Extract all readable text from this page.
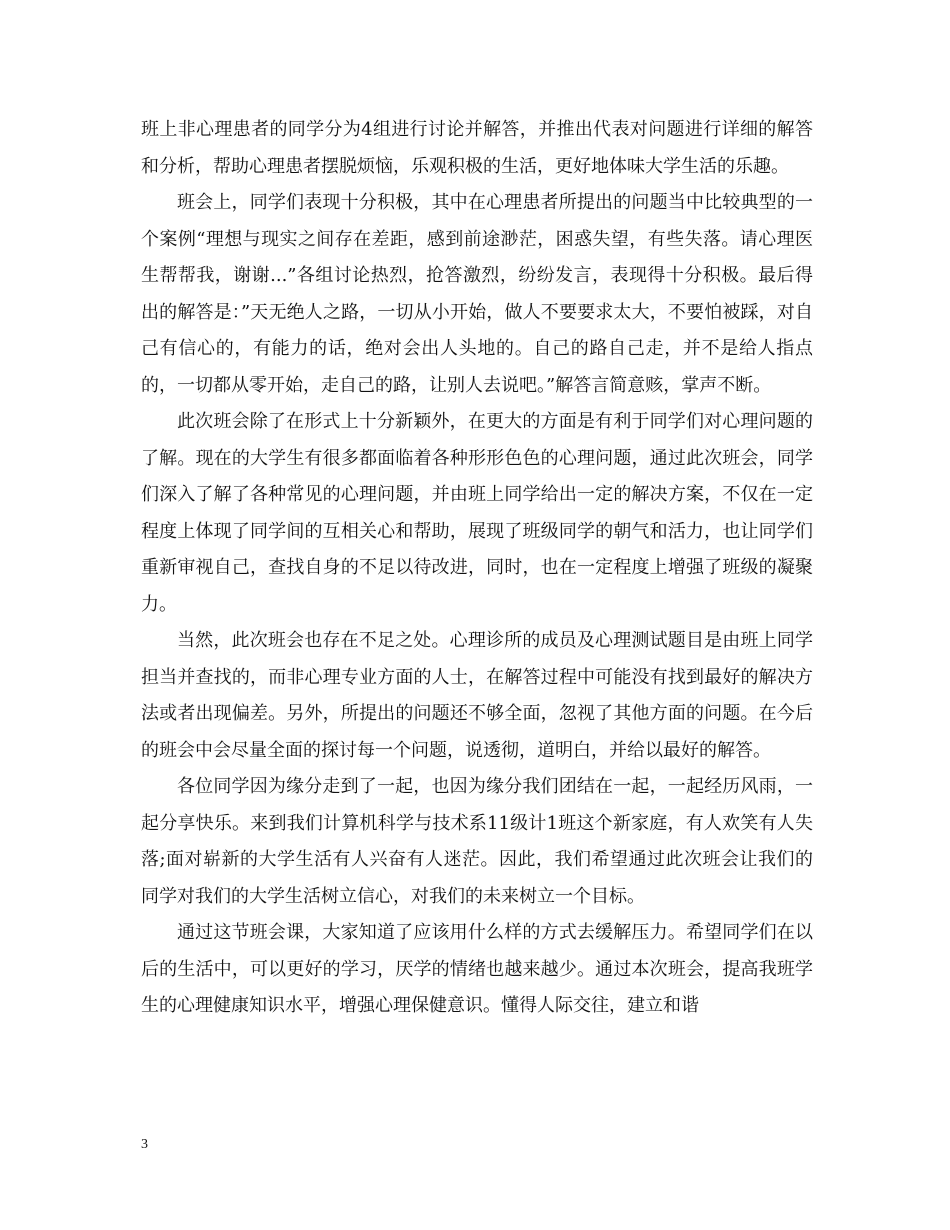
班上非心理患者的同学分为4组进行讨论并解答，并推出代表对问题进行详细的解答和分析，帮助心理患者摆脱烦恼，乐观积极的生活，更好地体味大学生活的乐趣。

班会上，同学们表现十分积极，其中在心理患者所提出的问题当中比较典型的一个案例“理想与现实之间存在差距，感到前途渺茫，困惑失望，有些失落。请心理医生帮帮我，谢谢...”各组讨论热烈，抢答激烈，纷纷发言，表现得十分积极。最后得出的解答是：”天无绝人之路，一切从小开始，做人不要要求太大，不要怕被踩，对自己有信心的，有能力的话，绝对会出人头地的。自己的路自己走，并不是给人指点的，一切都从零开始，走自己的路，让别人去说吧。”解答言简意赅，掌声不断。

此次班会除了在形式上十分新颖外，在更大的方面是有利于同学们对心理问题的了解。现在的大学生有很多都面临着各种形形色色的心理问题，通过此次班会，同学们深入了解了各种常见的心理问题，并由班上同学给出一定的解决方案，不仅在一定程度上体现了同学间的互相关心和帮助，展现了班级同学的朝气和活力，也让同学们重新审视自己，查找自身的不足以待改进，同时，也在一定程度上增强了班级的凝聚力。

当然，此次班会也存在不足之处。心理诊所的成员及心理测试题目是由班上同学担当并查找的，而非心理专业方面的人士，在解答过程中可能没有找到最好的解决方法或者出现偏差。另外，所提出的问题还不够全面，忽视了其他方面的问题。在今后的班会中会尽量全面的探讨每一个问题，说透彻，道明白，并给以最好的解答。

各位同学因为缘分走到了一起，也因为缘分我们团结在一起，一起经历风雨，一起分享快乐。来到我们计算机科学与技术系11级计1班这个新家庭，有人欢笑有人失落;面对崭新的大学生活有人兴奋有人迷茫。因此，我们希望通过此次班会让我们的同学对我们的大学生活树立信心，对我们的未来树立一个目标。

通过这节班会课，大家知道了应该用什么样的方式去缓解压力。希望同学们在以后的生活中，可以更好的学习，厌学的情绪也越来越少。通过本次班会，提高我班学生的心理健康知识水平，增强心理保健意识。懂得人际交往，建立和谐

3
